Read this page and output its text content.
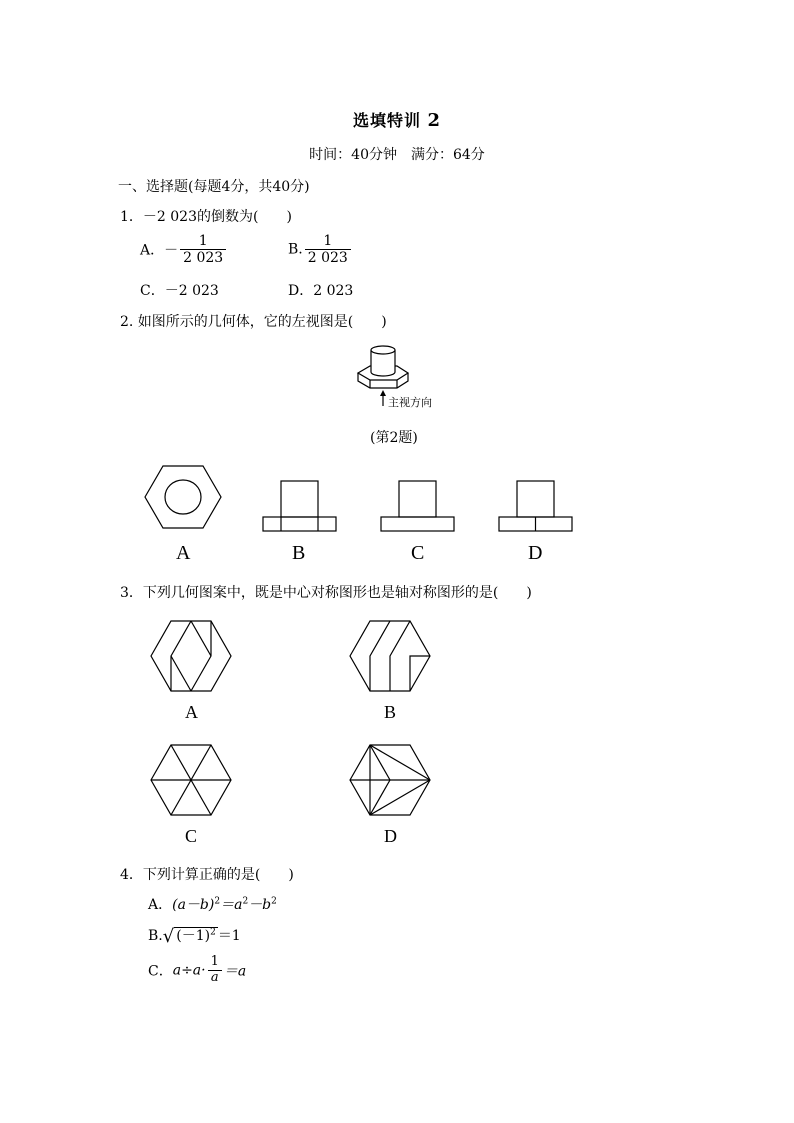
选填特训 2
时间：40分钟　满分：64分
一、选择题(每题4分，共40分)
1．－2 023的倒数为(　　)
A．－ $\frac{1}{2 023}$	B. $\frac{1}{2 023}$
C．－2 023	D．2 023
2. 如图所示的几何体，它的左视图是(　　)
主视方向
(第2题)
A	B	C	D
3．下列几何图案中，既是中心对称图形也是轴对称图形的是(　　)
A	B
C	D
4．下列计算正确的是(　　)
A．$(a-b)^2=a^2-b^2$
B.√ $(-1)^2 =1$
C．$a\div a\cdot \frac{1}{a} =a$
